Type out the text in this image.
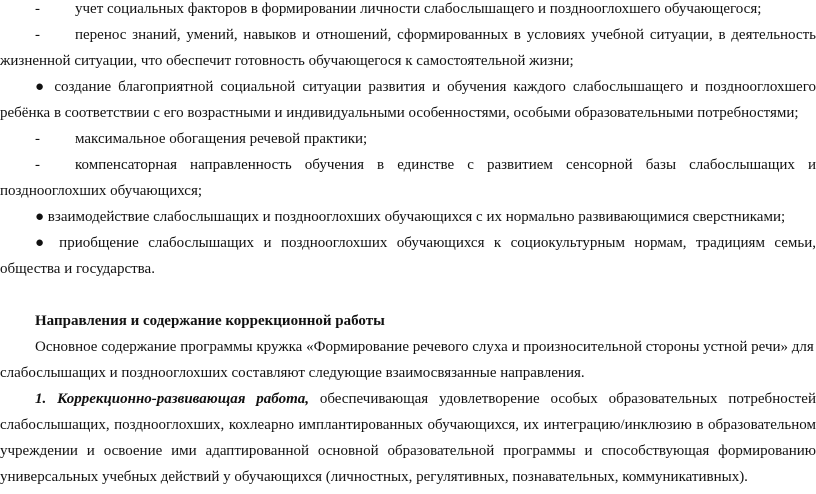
- учет социальных факторов в формировании личности слабослышащего и позднооглохшего обучающегося;
- перенос знаний, умений, навыков и отношений, сформированных в условиях учебной ситуации, в деятельность
жизненной ситуации, что обеспечит готовность обучающегося к самостоятельной жизни;
● создание благоприятной социальной ситуации развития и обучения каждого слабослышащего и позднооглохшего
ребёнка в соответствии с его возрастными и индивидуальными особенностями, особыми образовательными потребностями;
- максимальное обогащения речевой практики;
- компенсаторная направленность обучения в единстве с развитием сенсорной базы слабослышащих и
позднооглохших обучающихся;
● взаимодействие слабослышащих и позднооглохших обучающихся с их нормально развивающимися сверстниками;
● приобщение слабослышащих и позднооглохших обучающихся к социокультурным нормам, традициям семьи,
общества и государства.
Направления и содержание коррекционной работы
Основное содержание программы кружка «Формирование речевого слуха и произносительной стороны устной речи» для
слабослышащих и позднооглохших составляют следующие взаимосвязанные направления.
1. Коррекционно-развивающая работа, обеспечивающая удовлетворение особых образовательных потребностей
слабослышащих, позднооглохших, кохлеарно имплантированных обучающихся, их интеграцию/инклюзию в образовательном
учреждении и освоение ими адаптированной основной образовательной программы и способствующая формированию
универсальных учебных действий у обучающихся (личностных, регулятивных, познавательных, коммуникативных).
